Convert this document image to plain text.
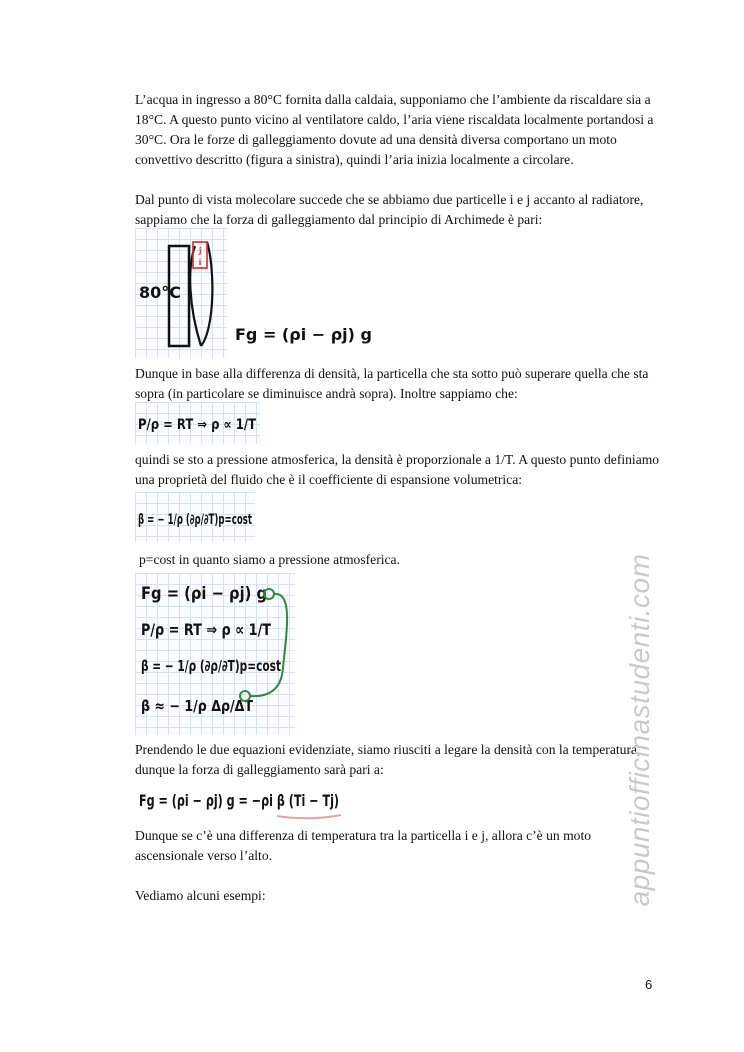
L’acqua in ingresso a 80°C fornita dalla caldaia, supponiamo che l’ambiente da riscaldare sia a 18°C. A questo punto vicino al ventilatore caldo, l’aria viene riscaldata localmente portandosi a 30°C. Ora le forze di galleggiamento dovute ad una densità diversa comportano un moto convettivo descritto (figura a sinistra), quindi l’aria inizia localmente a circolare.

Dal punto di vista molecolare succede che se abbiamo due particelle i e j accanto al radiatore, sappiamo che la forza di galleggiamento dal principio di Archimede è pari:

j
i
80°C
Fg = (ρi − ρj) g

Dunque in base alla differenza di densità, la particella che sta sotto può superare quella che sta sopra (in particolare se diminuisce andrà sopra). Inoltre sappiamo che:

P/ρ = RT ⇒ ρ ∝ 1/T

quindi se sto a pressione atmosferica, la densità è proporzionale a 1/T. A questo punto definiamo una proprietà del fluido che è il coefficiente di espansione volumetrica:

β = − 1/ρ (∂ρ/∂T)p=cost

p=cost in quanto siamo a pressione atmosferica.

Fg = (ρi − ρj) g
P/ρ = RT ⇒ ρ ∝ 1/T
β = − 1/ρ (∂ρ/∂T)p=cost
β ≈ − 1/ρ Δρ/ΔT

Prendendo le due equazioni evidenziate, siamo riusciti a legare la densità con la temperatura, dunque la forza di galleggiamento sarà pari a:

Fg = (ρi − ρj) g = −ρi β (Ti − Tj)

Dunque se c’è una differenza di temperatura tra la particella i e j, allora c’è un moto ascensionale verso l’alto.

Vediamo alcuni esempi:	appuntiofficinastudenti.com
6
